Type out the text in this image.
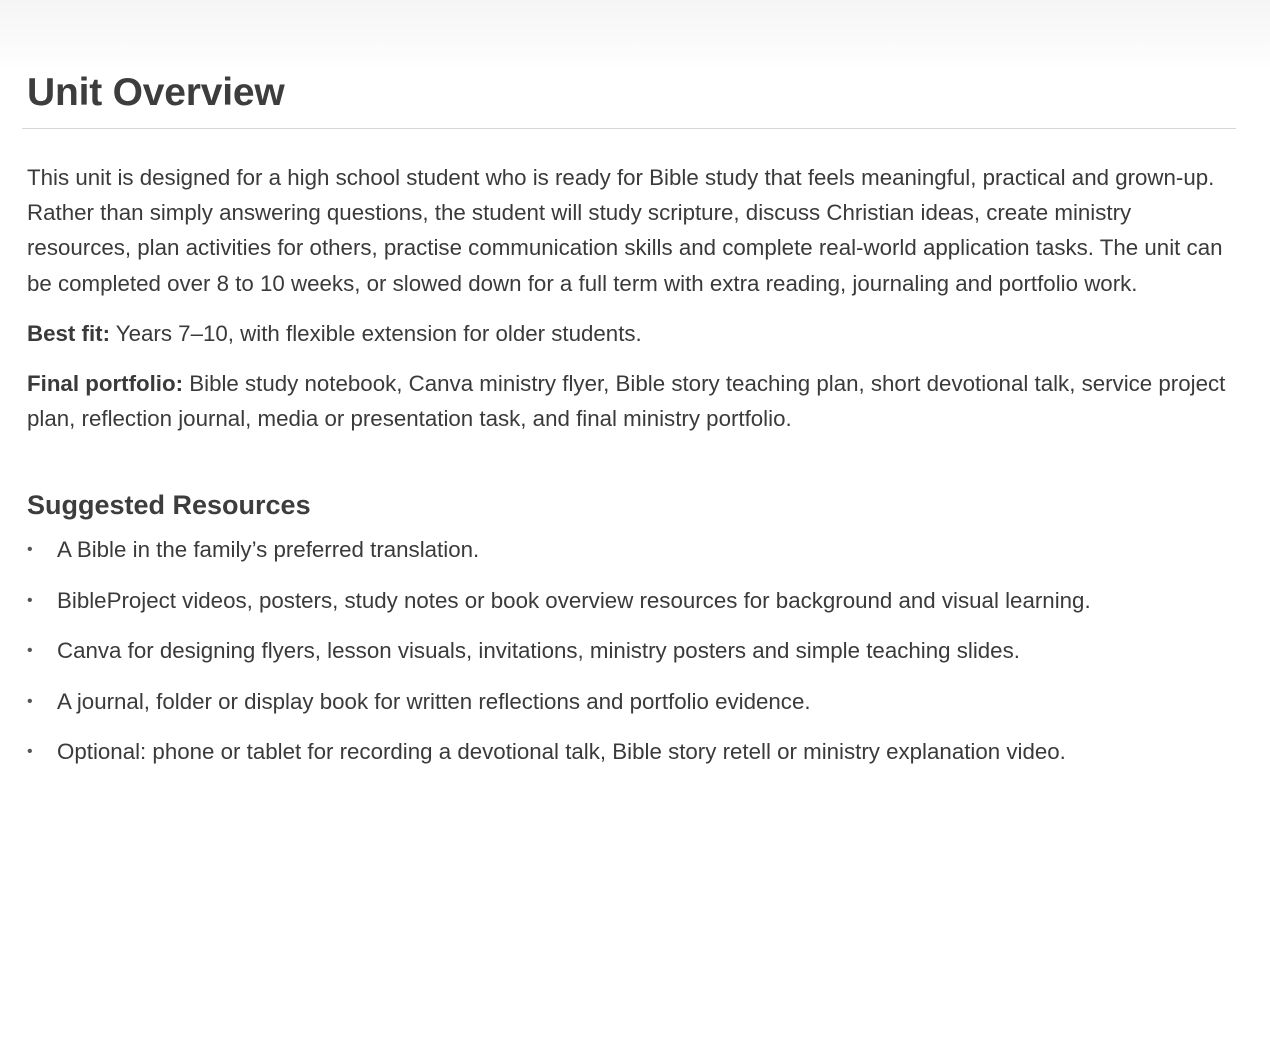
Unit Overview

This unit is designed for a high school student who is ready for Bible study that feels meaningful, practical and grown-up. Rather than simply answering questions, the student will study scripture, discuss Christian ideas, create ministry resources, plan activities for others, practise communication skills and complete real-world application tasks. The unit can be completed over 8 to 10 weeks, or slowed down for a full term with extra reading, journaling and portfolio work.

Best fit: Years 7–10, with flexible extension for older students.

Final portfolio: Bible study notebook, Canva ministry flyer, Bible story teaching plan, short devotional talk, service project plan, reflection journal, media or presentation task, and final ministry portfolio.

Suggested Resources
• A Bible in the family’s preferred translation.
• BibleProject videos, posters, study notes or book overview resources for background and visual learning.
• Canva for designing flyers, lesson visuals, invitations, ministry posters and simple teaching slides.
• A journal, folder or display book for written reflections and portfolio evidence.
• Optional: phone or tablet for recording a devotional talk, Bible story retell or ministry explanation video.
